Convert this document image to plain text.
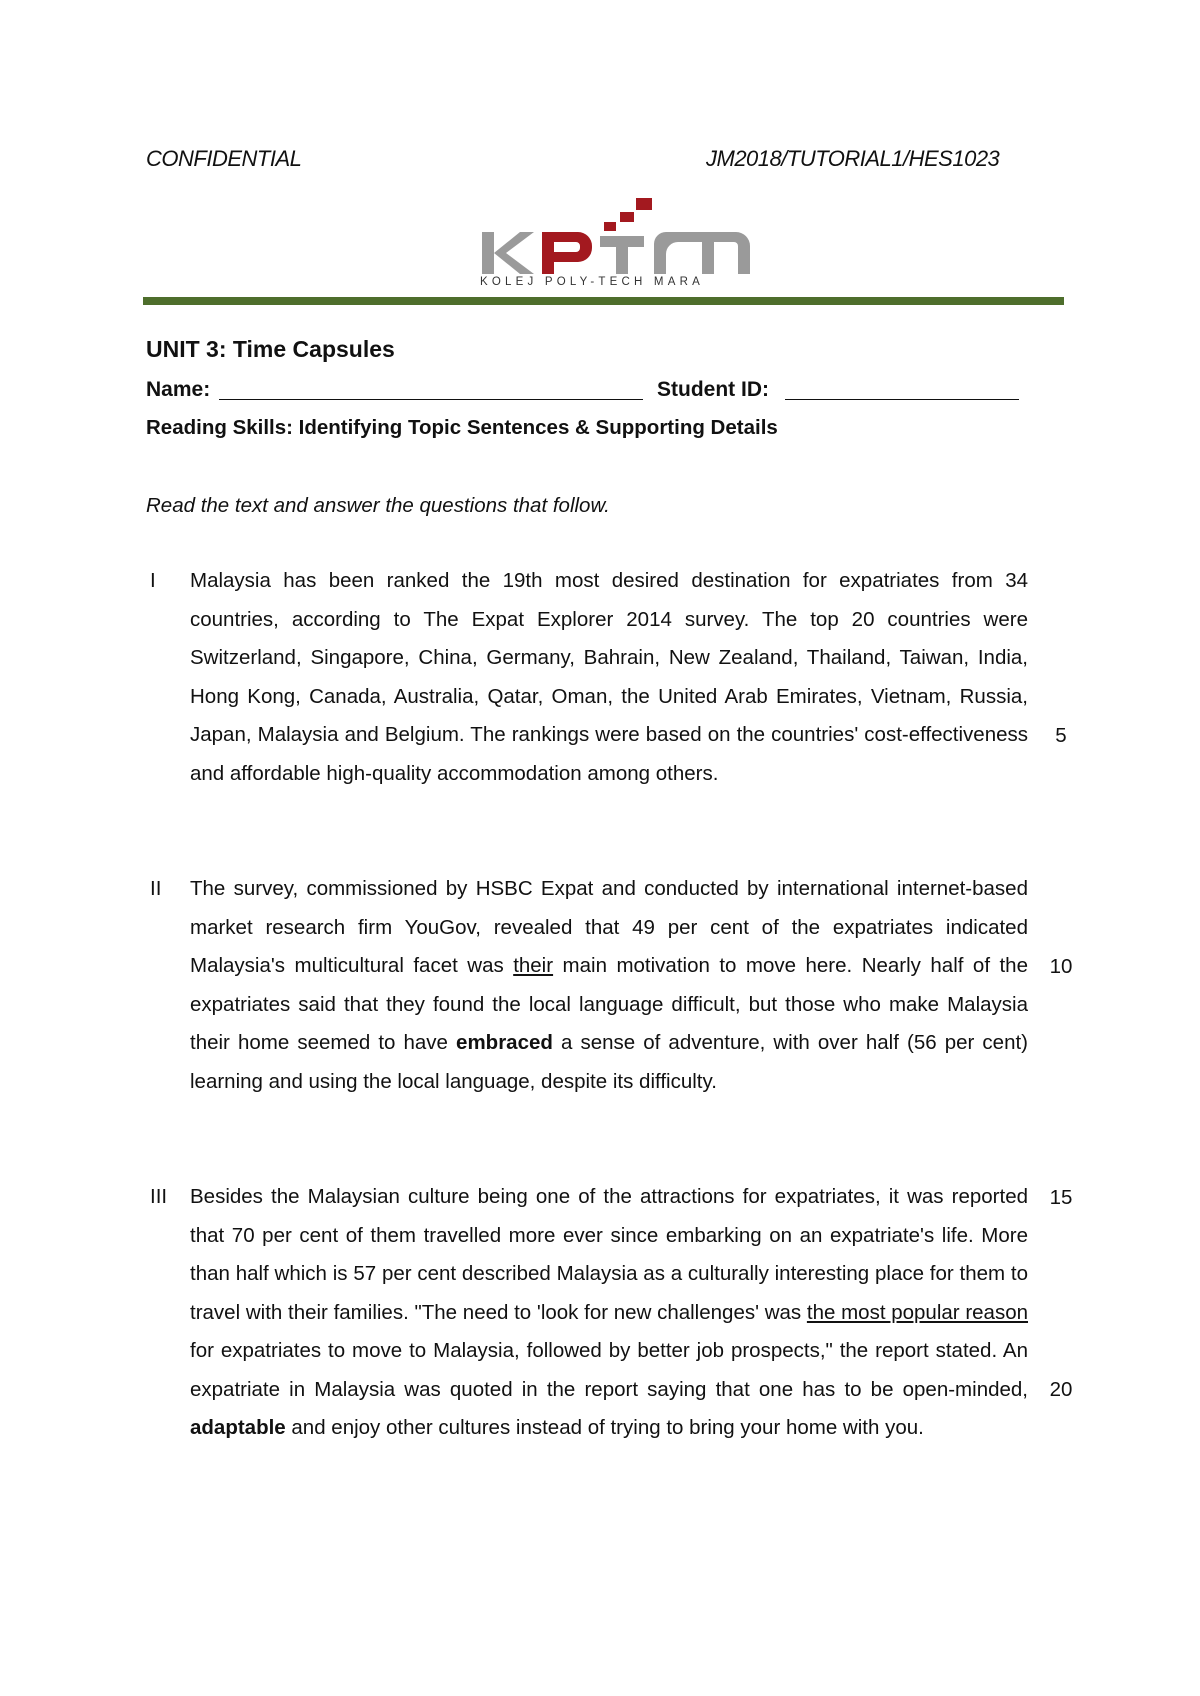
CONFIDENTIAL	JM2018/TUTORIAL1/HES1023
KOLEJ POLY-TECH MARA
UNIT 3: Time Capsules
Name:	Student ID:
Reading Skills: Identifying Topic Sentences & Supporting Details
Read the text and answer the questions that follow.
I Malaysia has been ranked the 19th most desired destination for expatriates from 34 countries, according to The Expat Explorer 2014 survey. The top 20 countries were Switzerland, Singapore, China, Germany, Bahrain, New Zealand, Thailand, Taiwan, India, Hong Kong, Canada, Australia, Qatar, Oman, the United Arab Emirates, Vietnam, Russia, Japan, Malaysia and Belgium. The rankings were based on the countries' cost-effectiveness and affordable high-quality accommodation among others.

II The survey, commissioned by HSBC Expat and conducted by international internet-based market research firm YouGov, revealed that 49 per cent of the expatriates indicated Malaysia's multicultural facet was their main motivation to move here. Nearly half of the expatriates said that they found the local language difficult, but those who make Malaysia their home seemed to have embraced a sense of adventure, with over half (56 per cent) learning and using the local language, despite its difficulty.

III Besides the Malaysian culture being one of the attractions for expatriates, it was reported that 70 per cent of them travelled more ever since embarking on an expatriate's life. More than half which is 57 per cent described Malaysia as a culturally interesting place for them to travel with their families. "The need to 'look for new challenges' was the most popular reason for expatriates to move to Malaysia, followed by better job prospects," the report stated. An expatriate in Malaysia was quoted in the report saying that one has to be open-minded, adaptable and enjoy other cultures instead of trying to bring your home with you.

5
10
15
20
